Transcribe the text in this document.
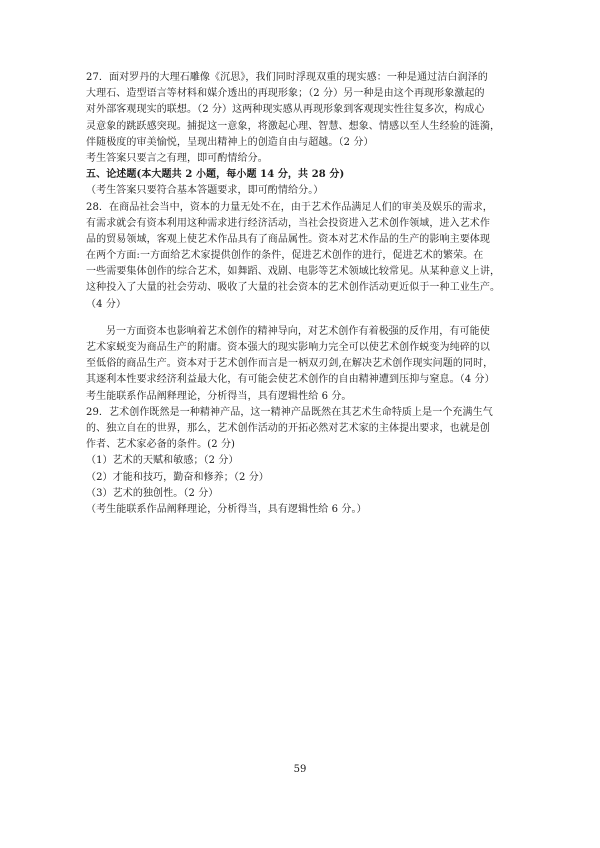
27．面对罗丹的大理石雕像《沉思》，我们同时浮现双重的现实感：一种是通过洁白润泽的
大理石、造型语言等材料和媒介透出的再现形象；（2 分）另一种是由这个再现形象激起的
对外部客观现实的联想。（2 分）这两种现实感从再现形象到客观现实性往复多次，构成心
灵意象的跳跃感突现。捕捉这一意象，将激起心理、智慧、想象、情感以至人生经验的涟漪，
伴随极度的审美愉悦，呈现出精神上的创造自由与超越。（2 分）
考生答案只要言之有理，即可酌情给分。
五、论述题(本大题共 2 小题，每小题 14 分，共 28 分)
（考生答案只要符合基本答题要求，即可酌情给分。）
28．在商品社会当中，资本的力量无处不在，由于艺术作品满足人们的审美及娱乐的需求，
有需求就会有资本利用这种需求进行经济活动，当社会投资进入艺术创作领域，进入艺术作
品的贸易领域，客观上使艺术作品具有了商品属性。资本对艺术作品的生产的影响主要体现
在两个方面:一方面给艺术家提供创作的条件，促进艺术创作的进行，促进艺术的繁荣。在
一些需要集体创作的综合艺术，如舞蹈、戏剧、电影等艺术领域比较常见。从某种意义上讲，
这种投入了大量的社会劳动、吸收了大量的社会资本的艺术创作活动更近似于一种工业生产。
（4 分）
另一方面资本也影响着艺术创作的精神导向，对艺术创作有着极强的反作用，有可能使
艺术家蜕变为商品生产的附庸。资本强大的现实影响力完全可以使艺术创作蜕变为纯碎的以
至低俗的商品生产。资本对于艺术创作而言是一柄双刃剑,在解决艺术创作现实问题的同时，
其逐利本性要求经济利益最大化，有可能会使艺术创作的自由精神遭到压抑与窒息。（4 分）
考生能联系作品阐释理论，分析得当，具有逻辑性给 6 分。
29．艺术创作既然是一种精神产品，这一精神产品既然在其艺术生命特质上是一个充满生气
的、独立自在的世界，那么，艺术创作活动的开拓必然对艺术家的主体提出要求，也就是创
作者、艺术家必备的条件。(2 分)
（1）艺术的天赋和敏感；（2 分）
（2）才能和技巧，勤奋和修养；（2 分）
（3）艺术的独创性。（2 分）
（考生能联系作品阐释理论，分析得当，具有逻辑性给 6 分。）
59
